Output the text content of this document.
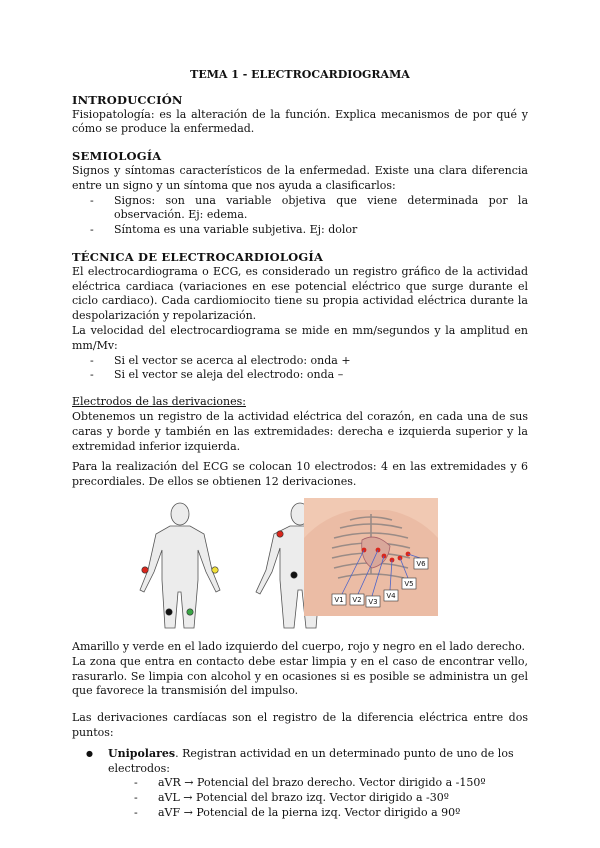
TEMA 1 - ELECTROCARDIOGRAMA
INTRODUCCIÓN

Fisiopatología: es la alteración de la función. Explica mecanismos de por qué y cómo se produce la enfermedad.

SEMIOLOGÍA

Signos y síntomas característicos de la enfermedad. Existe una clara diferencia entre un signo y un síntoma que nos ayuda a clasificarlos:

- Signos: son una variable objetiva que viene determinada por la observación. Ej: edema.
- Síntoma es una variable subjetiva. Ej: dolor
TÉCNICA DE ELECTROCARDIOLOGÍA

El electrocardiograma o ECG, es considerado un registro gráfico de la actividad eléctrica cardiaca (variaciones en ese potencial eléctrico que surge durante el ciclo cardiaco). Cada cardiomiocito tiene su propia actividad eléctrica durante la despolarización y repolarización.

La velocidad del electrocardiograma se mide en mm/segundos y la amplitud en mm/Mv:

- Si el vector se acerca al electrodo: onda +
- Si el vector se aleja del electrodo: onda –

Electrodos de las derivaciones:

Obtenemos un registro de la actividad eléctrica del corazón, en cada una de sus caras y borde y también en las extremidades: derecha e izquierda superior y la extremidad inferior izquierda.

Para la realización del ECG se colocan 10 electrodos: 4 en las extremidades y 6 precordiales. De ellos se obtienen 12 derivaciones.

V1 V2 V3
V4
V5
V6

Amarillo y verde en el lado izquierdo del cuerpo, rojo y negro en el lado derecho.

La zona que entra en contacto debe estar limpia y en el caso de encontrar vello, rasurarlo. Se limpia con alcohol y en ocasiones si es posible se administra un gel que favorece la transmisión del impulso.

Las derivaciones cardíacas son el registro de la diferencia eléctrica entre dos puntos:

● Unipolares. Registran actividad en un determinado punto de uno de los electrodos:
- aVR → Potencial del brazo derecho. Vector dirigido a -150º
- aVL → Potencial del brazo izq. Vector dirigido a -30º
- aVF → Potencial de la pierna izq. Vector dirigido a 90º
